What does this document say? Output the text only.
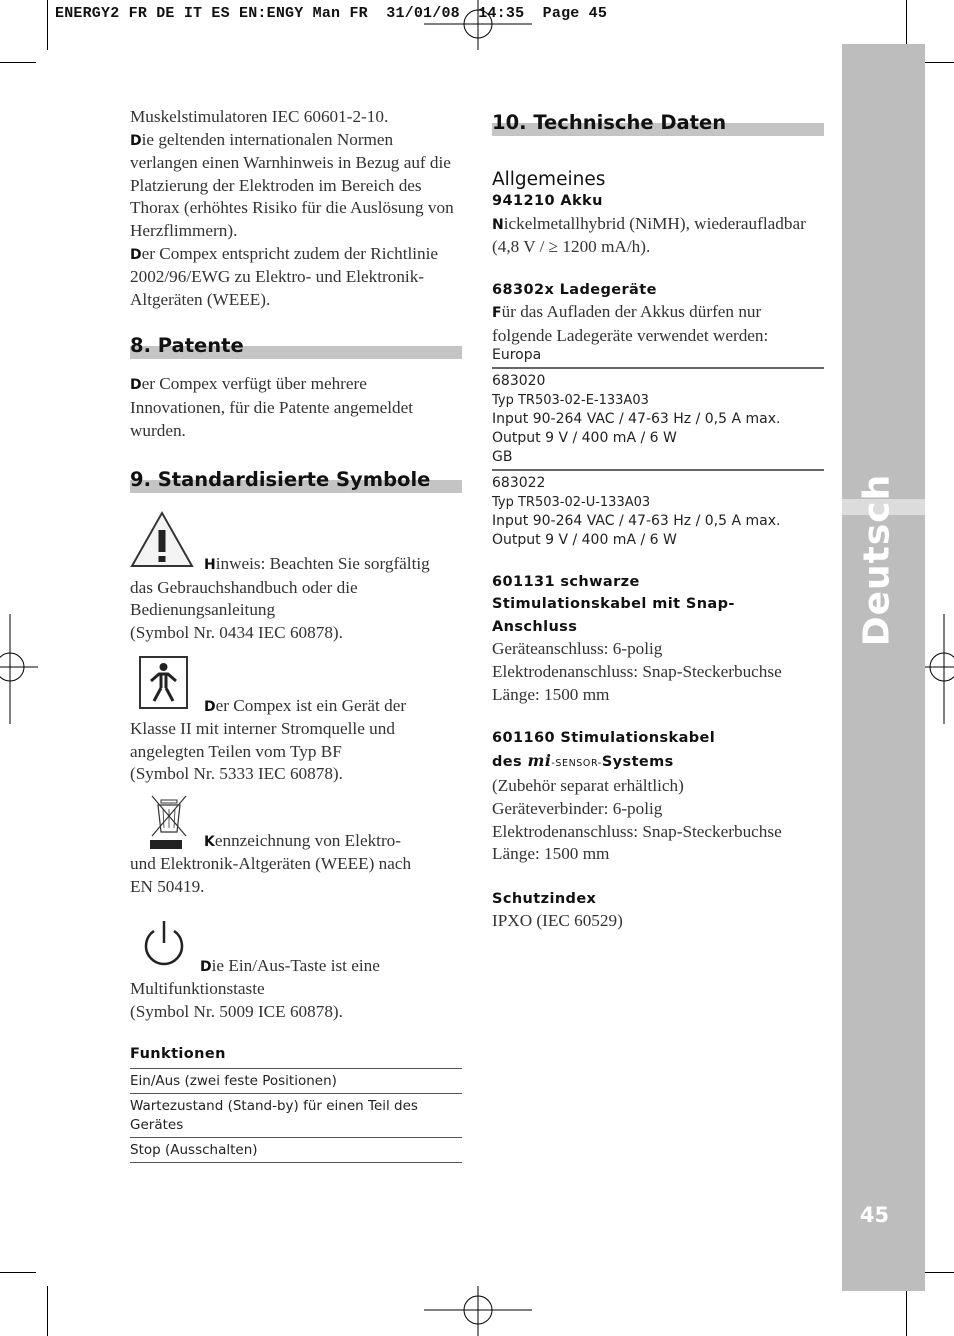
ENERGY2 FR DE IT ES EN:ENGY Man FR  31/01/08  14:35  Page 45
Deutsch
45

Muskelstimulatoren IEC 60601-2-10.

Die geltenden internationalen Normen verlangen einen Warnhinweis in Bezug auf die Platzierung der Elektroden im Bereich des Thorax (erhöhtes Risiko für die Auslösung von Herzflimmern).

Der Compex entspricht zudem der Richtlinie 2002/96/EWG zu Elektro- und Elektronik-Altgeräten (WEEE).

8. Patente

Der Compex verfügt über mehrere Innovationen, für die Patente angemeldet wurden.

9. Standardisierte Symbole

Hinweis: Beachten Sie sorgfältig
das Gebrauchshandbuch oder die
Bedienungsanleitung
(Symbol Nr. 0434 IEC 60878).

Der Compex ist ein Gerät der
Klasse II mit interner Stromquelle und
angelegten Teilen vom Typ BF
(Symbol Nr. 5333 IEC 60878).

Kennzeichnung von Elektro-
und Elektronik-Altgeräten (WEEE) nach
EN 50419.

Die Ein/Aus-Taste ist eine
Multifunktionstaste
(Symbol Nr. 5009 ICE 60878).

Funktionen
Ein/Aus (zwei feste Positionen)
Wartezustand (Stand-by) für einen Teil des Gerätes
Stop (Ausschalten)
10. Technische Daten
Allgemeines
941210 Akku

Nickelmetallhybrid (NiMH), wiederaufladbar (4,8 V / ≥ 1200 mA/h).

68302x Ladegeräte

Für das Aufladen der Akkus dürfen nur folgende Ladegeräte verwendet werden:

Europa
683020
Typ TR503-02-E-133A03
Input 90-264 VAC / 47-63 Hz / 0,5 A max.
Output 9 V / 400 mA / 6 W
GB
683022
Typ TR503-02-U-133A03
Input 90-264 VAC / 47-63 Hz / 0,5 A max.
Output 9 V / 400 mA / 6 W
601131 schwarze
Stimulationskabel mit Snap-
Anschluss

Geräteanschluss: 6-polig

Elektrodenanschluss: Snap-Steckerbuchse

Länge: 1500 mm

601160 Stimulationskabel
des mi-SENSOR-Systems

(Zubehör separat erhältlich)

Geräteverbinder: 6-polig

Elektrodenanschluss: Snap-Steckerbuchse

Länge: 1500 mm

Schutzindex

IPXO (IEC 60529)
